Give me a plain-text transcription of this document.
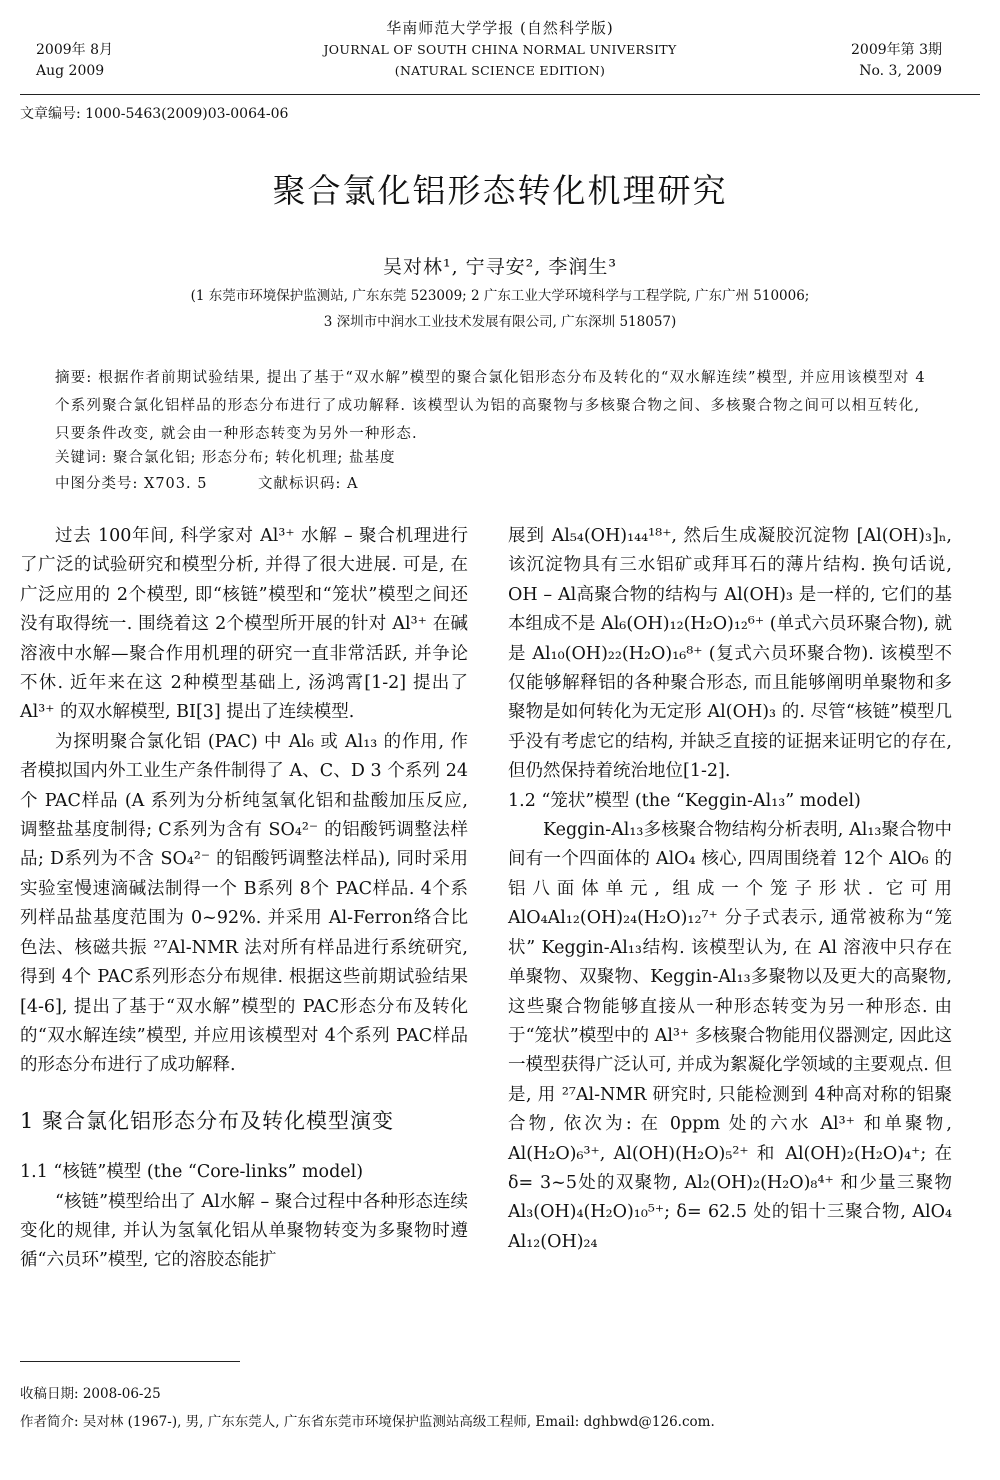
华南师范大学学报 (自然科学版)
JOURNAL OF SOUTH CHINA NORMAL UNIVERSITY
(NATURAL SCIENCE EDITION)
2009年 8月
Aug 2009
2009年第 3期
No. 3, 2009
文章编号: 1000-5463(2009)03-0064-06
聚合氯化铝形态转化机理研究
吴对林¹, 宁寻安², 李润生³
(1 东莞市环境保护监测站, 广东东莞 523009; 2 广东工业大学环境科学与工程学院, 广东广州 510006;
3 深圳市中润水工业技术发展有限公司, 广东深圳 518057)
摘要: 根据作者前期试验结果, 提出了基于“双水解”模型的聚合氯化铝形态分布及转化的“双水解连续”模型, 并应用该模型对 4 个系列聚合氯化铝样品的形态分布进行了成功解释. 该模型认为铝的高聚物与多核聚合物之间、多核聚合物之间可以相互转化, 只要条件改变, 就会由一种形态转变为另外一种形态.
关键词: 聚合氯化铝; 形态分布; 转化机理; 盐基度
中图分类号: X703. 5	文献标识码: A

过去 100年间, 科学家对 Al³⁺ 水解 – 聚合机理进行了广泛的试验研究和模型分析, 并得了很大进展. 可是, 在广泛应用的 2个模型, 即“核链”模型和“笼状”模型之间还没有取得统一. 围绕着这 2个模型所开展的针对 Al³⁺ 在碱溶液中水解—聚合作用机理的研究一直非常活跃, 并争论不休. 近年来在这 2种模型基础上, 汤鸿霄[1-2] 提出了 Al³⁺ 的双水解模型, BI[3] 提出了连续模型.

为探明聚合氯化铝 (PAC) 中 Al₆ 或 Al₁₃ 的作用, 作者模拟国内外工业生产条件制得了 A、C、D 3 个系列 24个 PAC样品 (A 系列为分析纯氢氧化铝和盐酸加压反应, 调整盐基度制得; C系列为含有 SO₄²⁻ 的铝酸钙调整法样品; D系列为不含 SO₄²⁻ 的铝酸钙调整法样品), 同时采用实验室慢速滴碱法制得一个 B系列 8个 PAC样品. 4个系列样品盐基度范围为 0~92%. 并采用 Al-Ferron络合比色法、核磁共振 ²⁷Al-NMR 法对所有样品进行系统研究, 得到 4个 PAC系列形态分布规律. 根据这些前期试验结果[4-6], 提出了基于“双水解”模型的 PAC形态分布及转化的“双水解连续”模型, 并应用该模型对 4个系列 PAC样品的形态分布进行了成功解释.

1 聚合氯化铝形态分布及转化模型演变

1.1 “核链”模型 (the “Core-links” model)

“核链”模型给出了 Al水解 – 聚合过程中各种形态连续变化的规律, 并认为氢氧化铝从单聚物转变为多聚物时遵循“六员环”模型, 它的溶胶态能扩

展到 Al₅₄(OH)₁₄₄¹⁸⁺, 然后生成凝胶沉淀物 [Al(OH)₃]ₙ, 该沉淀物具有三水铝矿或拜耳石的薄片结构. 换句话说, OH – Al高聚合物的结构与 Al(OH)₃ 是一样的, 它们的基本组成不是 Al₆(OH)₁₂(H₂O)₁₂⁶⁺ (单式六员环聚合物), 就是 Al₁₀(OH)₂₂(H₂O)₁₆⁸⁺ (复式六员环聚合物). 该模型不仅能够解释铝的各种聚合形态, 而且能够阐明单聚物和多聚物是如何转化为无定形 Al(OH)₃ 的. 尽管“核链”模型几乎没有考虑它的结构, 并缺乏直接的证据来证明它的存在, 但仍然保持着统治地位[1-2].

1.2 “笼状”模型 (the “Keggin-Al₁₃” model)

Keggin-Al₁₃多核聚合物结构分析表明, Al₁₃聚合物中间有一个四面体的 AlO₄ 核心, 四周围绕着 12个 AlO₆ 的铝八面体单元, 组成一个笼子形状. 它可用 AlO₄Al₁₂(OH)₂₄(H₂O)₁₂⁷⁺ 分子式表示, 通常被称为“笼状” Keggin-Al₁₃结构. 该模型认为, 在 Al 溶液中只存在单聚物、双聚物、Keggin-Al₁₃多聚物以及更大的高聚物, 这些聚合物能够直接从一种形态转变为另一种形态. 由于“笼状”模型中的 Al³⁺ 多核聚合物能用仪器测定, 因此这一模型获得广泛认可, 并成为絮凝化学领域的主要观点. 但是, 用 ²⁷Al-NMR 研究时, 只能检测到 4种高对称的铝聚合物, 依次为: 在 0ppm 处的六水 Al³⁺ 和单聚物, Al(H₂O)₆³⁺, Al(OH)(H₂O)₅²⁺ 和 Al(OH)₂(H₂O)₄⁺; 在 δ= 3~5处的双聚物, Al₂(OH)₂(H₂O)₈⁴⁺ 和少量三聚物 Al₃(OH)₄(H₂O)₁₀⁵⁺; δ= 62.5 处的铝十三聚合物, AlO₄ Al₁₂(OH)₂₄

收稿日期: 2008-06-25
作者简介: 吴对林 (1967-), 男, 广东东莞人, 广东省东莞市环境保护监测站高级工程师, Email: dghbwd@126.com.
